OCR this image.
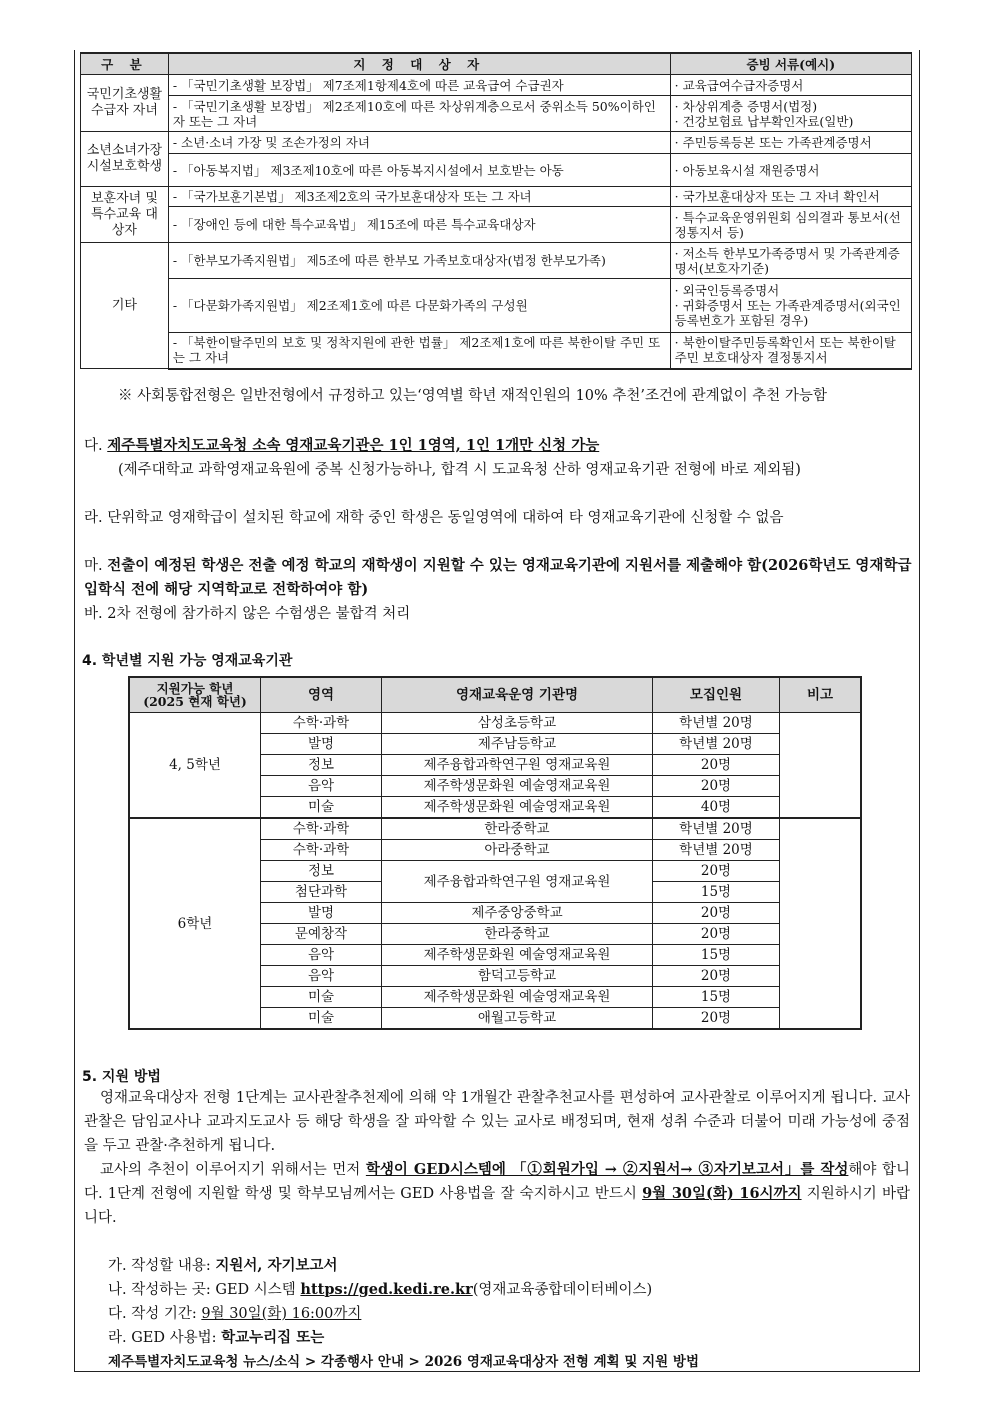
구 분	지 정 대 상 자	증빙 서류(예시)
국민기초생활 수급자 자녀	- 「국민기초생활 보장법」 제7조제1항제4호에 따른 교육급여 수급권자	· 교육급여수급자증명서
	- 「국민기초생활 보장법」 제2조제10호에 따른 차상위계층으로서 중위소득 50%이하인 자 또는 그 자녀	· 차상위계층 증명서(법정)
· 건강보험료 납부확인자료(일반)
소년소녀가장 시설보호학생	- 소년·소녀 가장 및 조손가정의 자녀	· 주민등록등본 또는 가족관계증명서
	- 「아동복지법」 제3조제10호에 따른 아동복지시설에서 보호받는 아동	· 아동보육시설 재원증명서
보훈자녀 및 특수교육 대상자	- 「국가보훈기본법」 제3조제2호의 국가보훈대상자 또는 그 자녀	· 국가보훈대상자 또는 그 자녀 확인서
	- 「장애인 등에 대한 특수교육법」 제15조에 따른 특수교육대상자	· 특수교육운영위원회 심의결과 통보서(선정통지서 등)
기타	- 「한부모가족지원법」 제5조에 따른 한부모 가족보호대상자(법정 한부모가족)	· 저소득 한부모가족증명서 및 가족관계증명서(보호자기준)
	- 「다문화가족지원법」 제2조제1호에 따른 다문화가족의 구성원	· 외국인등록증명서
· 귀화증명서 또는 가족관계증명서(외국인 등록번호가 포함된 경우)
	- 「북한이탈주민의 보호 및 정착지원에 관한 법률」 제2조제1호에 따른 북한이탈 주민 또는 그 자녀	· 북한이탈주민등록확인서 또는 북한이탈주민 보호대상자 결정통지서
※ 사회통합전형은 일반전형에서 규정하고 있는‘영역별 학년 재적인원의 10% 추천’조건에 관계없이 추천 가능함
다. 제주특별자치도교육청 소속 영재교육기관은 1인 1영역, 1인 1개만 신청 가능
(제주대학교 과학영재교육원에 중복 신청가능하나, 합격 시 도교육청 산하 영재교육기관 전형에 바로 제외됨)
라. 단위학교 영재학급이 설치된 학교에 재학 중인 학생은 동일영역에 대하여 타 영재교육기관에 신청할 수 없음
마. 전출이 예정된 학생은 전출 예정 학교의 재학생이 지원할 수 있는 영재교육기관에 지원서를 제출해야 함(2026학년도 영재학급 입학식 전에 해당 지역학교로 전학하여야 함)
바. 2차 전형에 참가하지 않은 수험생은 불합격 처리
4. 학년별 지원 가능 영재교육기관
지원가능 학년
(2025 현재 학년)	영역	영재교육운영 기관명	모집인원	비고
4, 5학년	수학·과학	삼성초등학교	학년별 20명	
	발명	제주남등학교	학년별 20명	
	정보	제주융합과학연구원 영재교육원	20명	
	음악	제주학생문화원 예술영재교육원	20명	
	미술	제주학생문화원 예술영재교육원	40명	
6학년	수학·과학	한라중학교	학년별 20명	
	수학·과학	아라중학교	학년별 20명	
	정보	제주융합과학연구원 영재교육원	20명	
	첨단과학		15명	
	발명	제주중앙중학교	20명	
	문예창작	한라중학교	20명	
	음악	제주학생문화원 예술영재교육원	15명	
	음악	함덕고등학교	20명	
	미술	제주학생문화원 예술영재교육원	15명	
	미술	애월고등학교	20명	
5. 지원 방법
영재교육대상자 전형 1단계는 교사관찰추천제에 의해 약 1개월간 관찰추천교사를 편성하여 교사관찰로 이루어지게 됩니다. 교사관찰은 담임교사나 교과지도교사 등 해당 학생을 잘 파악할 수 있는 교사로 배정되며, 현재 성취 수준과 더불어 미래 가능성에 중점을 두고 관찰·추천하게 됩니다.
교사의 추천이 이루어지기 위해서는 먼저 학생이 GED시스템에 「①회원가입 → ②지원서→ ③자기보고서」를 작성해야 합니다. 1단계 전형에 지원할 학생 및 학부모님께서는 GED 사용법을 잘 숙지하시고 반드시 9월 30일(화) 16시까지 지원하시기 바랍니다.
가. 작성할 내용: 지원서, 자기보고서
나. 작성하는 곳: GED 시스템 https://ged.kedi.re.kr(영재교육종합데이터베이스)
다. 작성 기간: 9월 30일(화) 16:00까지
라. GED 사용법: 학교누리집 또는
제주특별자치도교육청 뉴스/소식 > 각종행사 안내 > 2026 영재교육대상자 전형 계획 및 지원 방법
